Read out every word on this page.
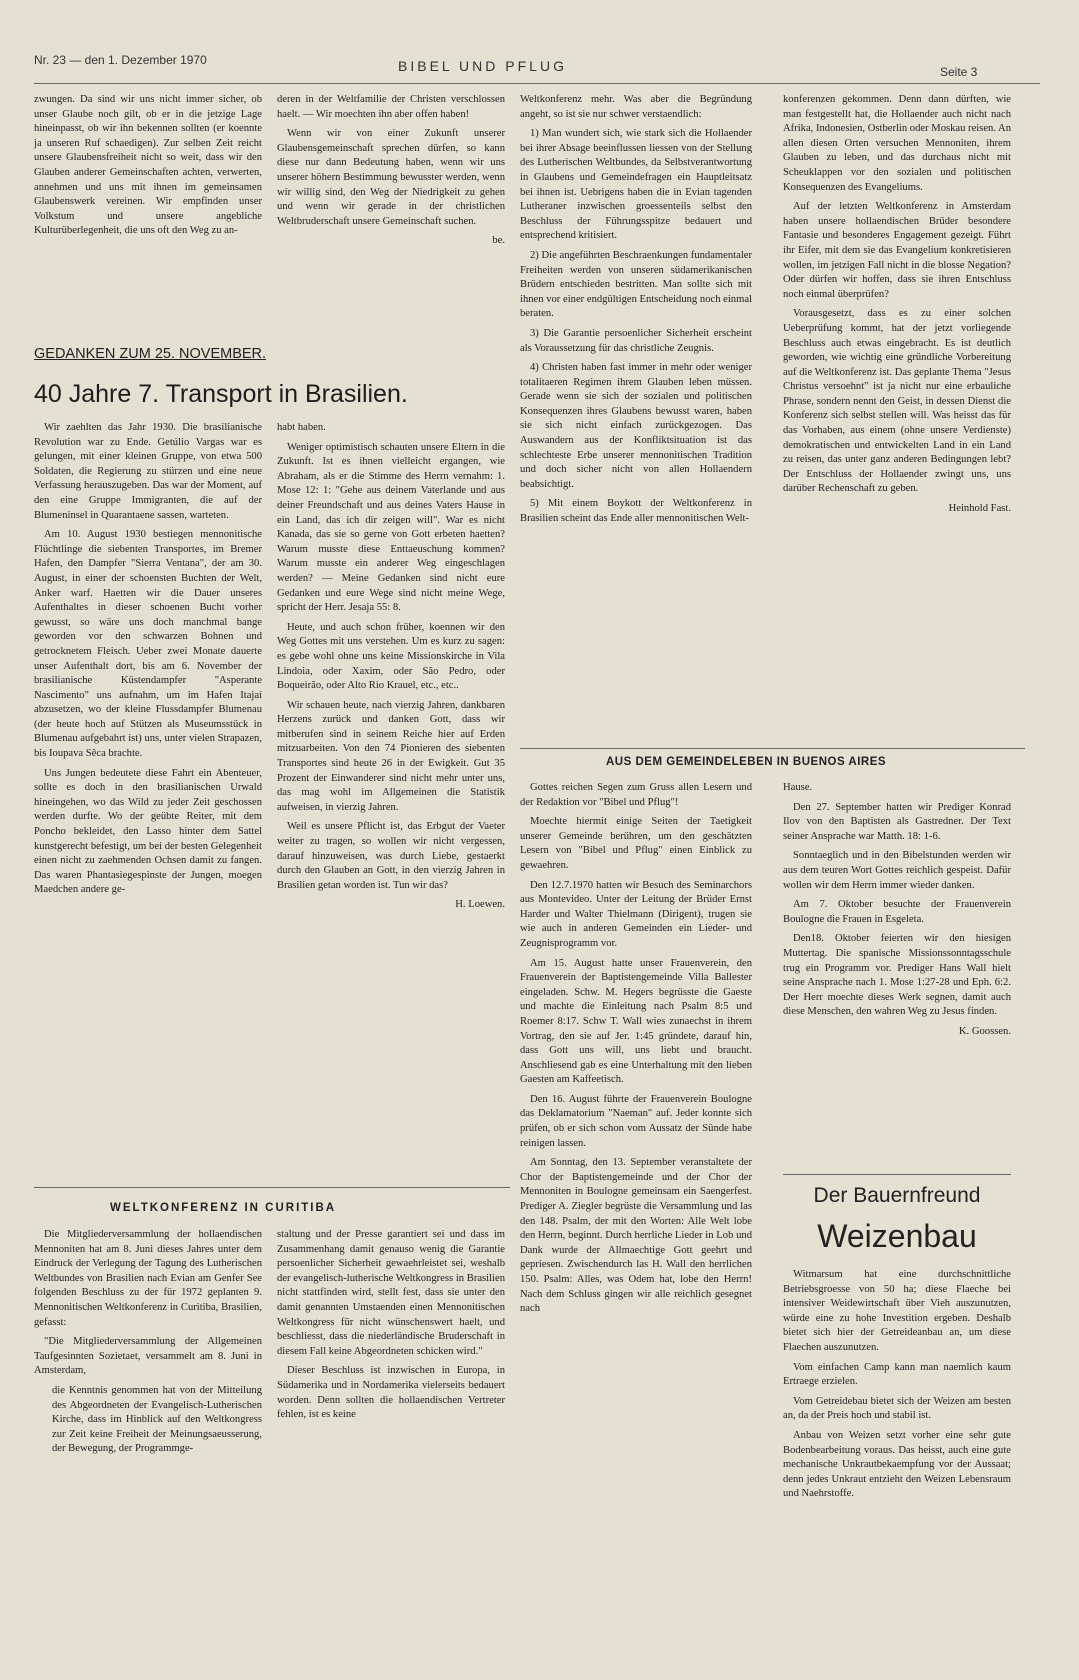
Nr. 23 — den 1. Dezember 1970	BIBEL UND PFLUG	Seite 3

zwungen. Da sind wir uns nicht immer sicher, ob unser Glaube noch gilt, ob er in die jetzige Lage hineinpasst, ob wir ihn bekennen sollten (er koennte ja unseren Ruf schaedigen). Zur selben Zeit reicht unsere Glaubensfreiheit nicht so weit, dass wir den Glauben anderer Gemeinschaften achten, verwerten, annehmen und uns mit ihnen im gemeinsamen Glaubenswerk vereinen. Wir empfinden unser Volkstum und unsere angebliche Kulturüberlegenheit, die uns oft den Weg zu an-

deren in der Weltfamilie der Christen verschlossen haelt. — Wir moechten ihn aber offen haben!

Wenn wir von einer Zukunft unserer Glaubensgemeinschaft sprechen dürfen, so kann diese nur dann Bedeutung haben, wenn wir uns unserer höhern Bestimmung bewusster werden, wenn wir willig sind, den Weg der Niedrigkeit zu gehen und wenn wir gerade in der christlichen Weltbruderschaft unsere Gemeinschaft suchen.

be.

GEDANKEN ZUM 25. NOVEMBER.
40 Jahre 7. Transport in Brasilien.

Wir zaehlten das Jahr 1930. Die brasilianische Revolution war zu Ende. Getúlio Vargas war es gelungen, mit einer kleinen Gruppe, von etwa 500 Soldaten, die Regierung zu stürzen und eine neue Verfassung herauszugeben. Das war der Moment, auf den eine Gruppe Immigranten, die auf der Blumeninsel in Quarantaene sassen, warteten.

Am 10. August 1930 bestiegen mennonitische Flüchtlinge die siebenten Transportes, im Bremer Hafen, den Dampfer "Sierra Ventana", der am 30. August, in einer der schoensten Buchten der Welt, Anker warf. Haetten wir die Dauer unseres Aufenthaltes in dieser schoenen Bucht vorher gewusst, so wäre uns doch manchmal bange geworden vor den schwarzen Bohnen und getrocknetem Fleisch. Ueber zwei Monate dauerte unser Aufenthalt dort, bis am 6. November der brasilianische Küstendampfer "Asperante Nascimento" uns aufnahm, um im Hafen Itajaí abzusetzen, wo der kleine Flussdampfer Blumenau (der heute hoch auf Stützen als Museumsstück in Blumenau aufgebahrt ist) uns, unter vielen Strapazen, bis Ioupava Sêca brachte.

Uns Jungen bedeutete diese Fahrt ein Abenteuer, sollte es doch in den brasilianischen Urwald hineingehen, wo das Wild zu jeder Zeit geschossen werden durfte. Wo der geübte Reiter, mit dem Poncho bekleidet, den Lasso hinter dem Sattel kunstgerecht befestigt, um bei der besten Gelegenheit einen nicht zu zaehmenden Ochsen damit zu fangen. Das waren Phantasiegespinste der Jungen, moegen Maedchen andere ge-

habt haben.

Weniger optimistisch schauten unsere Eltern in die Zukunft. Ist es ihnen vielleicht ergangen, wie Abraham, als er die Stimme des Herrn vernahm: 1. Mose 12: 1: "Gehe aus deinem Vaterlande und aus deiner Freundschaft und aus deines Vaters Hause in ein Land, das ich dir zeigen will". War es nicht Kanada, das sie so gerne von Gott erbeten haetten? Warum musste diese Enttaeuschung kommen? Warum musste ein anderer Weg eingeschlagen werden? — Meine Gedanken sind nicht eure Gedanken und eure Wege sind nicht meine Wege, spricht der Herr. Jesaja 55: 8.

Heute, und auch schon früher, koennen wir den Weg Gottes mit uns verstehen. Um es kurz zu sagen: es gebe wohl ohne uns keine Missionskirche in Vila Lindoia, oder Xaxim, oder São Pedro, oder Boqueirão, oder Alto Rio Krauel, etc., etc..

Wir schauen heute, nach vierzig Jahren, dankbaren Herzens zurück und danken Gott, dass wir mitberufen sind in seinem Reiche hier auf Erden mitzuarbeiten. Von den 74 Pionieren des siebenten Transportes sind heute 26 in der Ewigkeit. Gut 35 Prozent der Einwanderer sind nicht mehr unter uns, das mag wohl im Allgemeinen die Statistik aufweisen, in vierzig Jahren.

Weil es unsere Pflicht ist, das Erbgut der Vaeter weiter zu tragen, so wollen wir nicht vergessen, darauf hinzuweisen, was durch Liebe, gestaerkt durch den Glauben an Gott, in den vierzig Jahren in Brasilien getan worden ist. Tun wir das?

H. Loewen.

WELTKONFERENZ IN CURITIBA

Die Mitgliederversammlung der hollaendischen Mennoniten hat am 8. Juni dieses Jahres unter dem Eindruck der Verlegung der Tagung des Lutherischen Weltbundes von Brasilien nach Evian am Genfer See folgenden Beschluss zu der für 1972 geplanten 9. Mennonitischen Weltkonferenz in Curitiba, Brasilien, gefasst:

"Die Mitgliederversammlung der Allgemeinen Taufgesinnten Sozietaet, versammelt am 8. Juni in Amsterdam,

die Kenntnis genommen hat von der Mitteilung des Abgeordneten der Evangelisch-Lutherischen Kirche, dass im Hinblick auf den Weltkongress zur Zeit keine Freiheit der Meinungsaeusserung, der Bewegung, der Programmge-

staltung und der Presse garantiert sei und dass im Zusammenhang damit genauso wenig die Garantie persoenlicher Sicherheit gewaehrleistet sei, weshalb der evangelisch-lutherische Weltkongress in Brasilien nicht stattfinden wird, stellt fest, dass sie unter den damit genannten Umstaenden einen Mennonitischen Weltkongress für nicht wünschenswert haelt, und beschliesst, dass die niederländische Bruderschaft in diesem Fall keine Abgeordneten schicken wird."

Dieser Beschluss ist inzwischen in Europa, in Südamerika und in Nordamerika vielerseits bedauert worden. Denn sollten die hollaendischen Vertreter fehlen, ist es keine

Weltkonferenz mehr. Was aber die Begründung angeht, so ist sie nur schwer verstaendlich:

1) Man wundert sich, wie stark sich die Hollaender bei ihrer Absage beeinflussen liessen von der Stellung des Lutherischen Weltbundes, da Selbstverantwortung in Glaubens und Gemeindefragen ein Hauptleitsatz bei ihnen ist. Uebrigens haben die in Evian tagenden Lutheraner inzwischen groessenteils selbst den Beschluss der Führungsspitze bedauert und entsprechend kritisiert.

2) Die angeführten Beschraenkungen fundamentaler Freiheiten werden von unseren südamerikanischen Brüdern entschieden bestritten. Man sollte sich mit ihnen vor einer endgültigen Entscheidung noch einmal beraten.

3) Die Garantie persoenlicher Sicherheit erscheint als Voraussetzung für das christliche Zeugnis.

4) Christen haben fast immer in mehr oder weniger totalitaeren Regimen ihrem Glauben leben müssen. Gerade wenn sie sich der sozialen und politischen Konsequenzen ihres Glaubens bewusst waren, haben sie sich nicht einfach zurückgezogen. Das Auswandern aus der Konfliktsituation ist das schlechteste Erbe unserer mennonitischen Tradition und doch sicher nicht von allen Hollaendern beabsichtigt.

5) Mit einem Boykott der Weltkonferenz in Brasilien scheint das Ende aller mennonitischen Welt-

konferenzen gekommen. Denn dann dürften, wie man festgestellt hat, die Hollaender auch nicht nach Afrika, Indonesien, Ostberlin oder Moskau reisen. An allen diesen Orten versuchen Mennoniten, ihrem Glauben zu leben, und das durchaus nicht mit Scheuklappen vor den sozialen und politischen Konsequenzen des Evangeliums.

Auf der letzten Weltkonferenz in Amsterdam haben unsere hollaendischen Brüder besondere Fantasie und besonderes Engagement gezeigt. Führt ihr Eifer, mit dem sie das Evangelium konkretisieren wollen, im jetzigen Fall nicht in die blosse Negation? Oder dürfen wir hoffen, dass sie ihren Entschluss noch einmal überprüfen?

Vorausgesetzt, dass es zu einer solchen Ueberprüfung kommt, hat der jetzt vorliegende Beschluss auch etwas eingebracht. Es ist deutlich geworden, wie wichtig eine gründliche Vorbereitung auf die Weltkonferenz ist. Das geplante Thema "Jesus Christus versoehnt" ist ja nicht nur eine erbauliche Phrase, sondern nennt den Geist, in dessen Dienst die Konferenz sich selbst stellen will. Was heisst das für das Vorhaben, aus einem (ohne unsere Verdienste) demokratischen und entwickelten Land in ein Land zu reisen, das unter ganz anderen Bedingungen lebt? Der Entschluss der Hollaender zwingt uns, uns darüber Rechenschaft zu geben.

Heinhold Fast.

AUS DEM GEMEINDELEBEN IN BUENOS AIRES

Gottes reichen Segen zum Gruss allen Lesern und der Redaktion vor "Bibel und Pflug"!

Moechte hiermit einige Seiten der Taetigkeit unserer Gemeinde berühren, um den geschätzten Lesern von "Bibel und Pflug" einen Einblick zu gewaehren.

Den 12.7.1970 hatten wir Besuch des Seminarchors aus Montevideo. Unter der Leitung der Brüder Ernst Harder und Walter Thielmann (Dirigent), trugen sie wie auch in anderen Gemeinden ein Lieder- und Zeugnisprogramm vor.

Am 15. August hatte unser Frauenverein, den Frauenverein der Baptistengemeinde Villa Ballester eingeladen. Schw. M. Hegers begrüsste die Gaeste und machte die Einleitung nach Psalm 8:5 und Roemer 8:17. Schw T. Wall wies zunaechst in ihrem Vortrag, den sie auf Jer. 1:45 gründete, darauf hin, dass Gott uns will, uns liebt und braucht. Anschliesend gab es eine Unterhaltung mit den lieben Gaesten am Kaffeetisch.

Den 16. August führte der Frauenverein Boulogne das Deklamatorium "Naeman" auf. Jeder konnte sich prüfen, ob er sich schon vom Aussatz der Sünde habe reinigen lassen.

Am Sonntag, den 13. September veranstaltete der Chor der Baptistengemeinde und der Chor der Mennoniten in Boulogne gemeinsam ein Saengerfest. Prediger A. Ziegler begrüste die Versammlung und las den 148. Psalm, der mit den Worten: Alle Welt lobe den Herrn, beginnt. Durch herrliche Lieder in Lob und Dank wurde der Allmaechtige Gott geehrt und gepriesen. Zwischendurch las H. Wall den herrlichen 150. Psalm: Alles, was Odem hat, lobe den Herrn! Nach dem Schluss gingen wir alle reichlich gesegnet nach

Hause.

Den 27. September hatten wir Prediger Konrad Ilov von den Baptisten als Gastredner. Der Text seiner Ansprache war Matth. 18: 1-6.

Sonntaeglich und in den Bibelstunden werden wir aus dem teuren Wort Gottes reichlich gespeist. Dafür wollen wir dem Herrn immer wieder danken.

Am 7. Oktober besuchte der Frauenverein Boulogne die Frauen in Esgeleta.

Den18. Oktober feierten wir den hiesigen Muttertag. Die spanische Missionssonntagsschule trug ein Programm vor. Prediger Hans Wall hielt seine Ansprache nach 1. Mose 1:27-28 und Eph. 6:2. Der Herr moechte dieses Werk segnen, damit auch diese Menschen, den wahren Weg zu Jesus finden.

K. Goossen.

Der Bauernfreund
Weizenbau

Witmarsum hat eine durchschnittliche Betriebsgroesse von 50 ha; diese Flaeche bei intensiver Weidewirtschaft über Vieh auszunutzen, würde eine zu hohe Investition ergeben. Deshalb bietet sich hier der Getreideanbau an, um diese Flaechen auszunutzen.

Vom einfachen Camp kann man naemlich kaum Ertraege erzielen.

Vom Getreidebau bietet sich der Weizen am besten an, da der Preis hoch und stabil ist.

Anbau von Weizen setzt vorher eine sehr gute Bodenbearbeitung voraus. Das heisst, auch eine gute mechanische Unkrautbekaempfung vor der Aussaat; denn jedes Unkraut entzieht den Weizen Lebensraum und Naehrstoffe.
